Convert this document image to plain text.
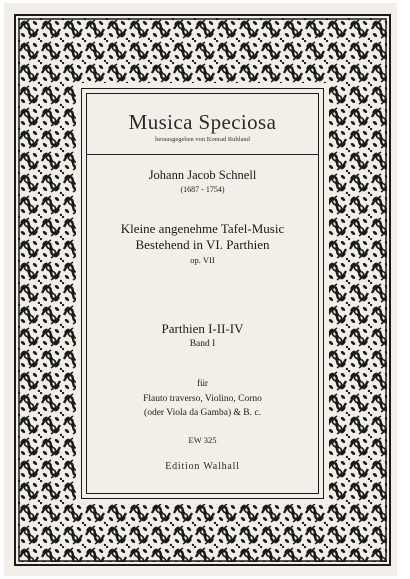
Musica Speciosa
herausgegeben von Konrad Ruhland
Johann Jacob Schnell
(1687 - 1754)
Kleine angenehme Tafel-Music
Bestehend in VI. Parthien
op. VII
Parthien I-II-IV
Band I
für
Flauto traverso, Violino, Corno
(oder Viola da Gamba) & B. c.
EW 325
Edition Walhall
